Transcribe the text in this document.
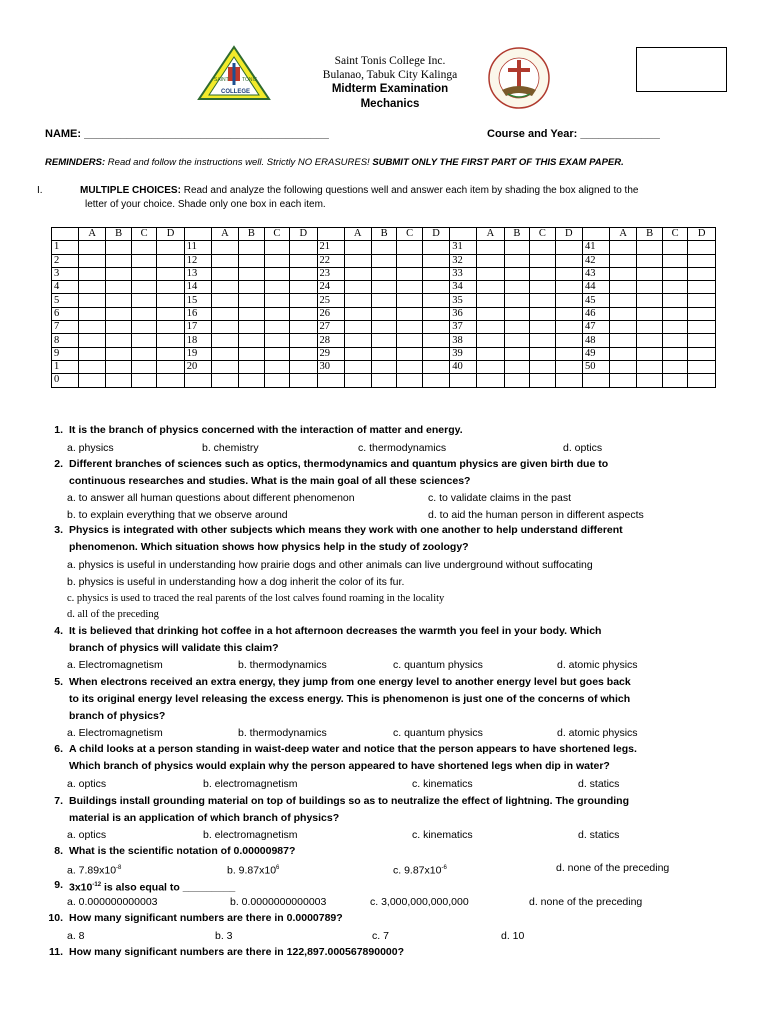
SAINT	TONIS
COLLEGE
Saint Tonis College Inc.
Bulanao, Tabuk City Kalinga
Midterm Examination
Mechanics
NAME: ________________________________________	Course and Year: _____________
REMINDERS: Read and follow the instructions well. Strictly NO ERASURES! SUBMIT ONLY THE FIRST PART OF THIS EXAM PAPER.
I.	MULTIPLE CHOICES: Read and analyze the following questions well and answer each item by shading the box aligned to the
letter of your choice. Shade only one box in each item.
	A	B	C	D		A	B	C	D		A	B	C	D		A	B	C	D		A	B	C	D
1					11					21					31					41				
2					12					22					32					42				
3					13					23					33					43				
4					14					24					34					44				
5					15					25					35					45				
6					16					26					36					46				
7					17					27					37					47				
8					18					28					38					48				
9					19					29					39					49				
1					20					30					40					50				
0																								
1. It is the branch of physics concerned with the interaction of matter and energy.
2. Different branches of sciences such as optics, thermodynamics and quantum physics are given birth due to
continuous researches and studies. What is the main goal of all these sciences?
3. Physics is integrated with other subjects which means they work with one another to help understand different
phenomenon. Which situation shows how physics help in the study of zoology?
4. It is believed that drinking hot coffee in a hot afternoon decreases the warmth you feel in your body. Which
branch of physics will validate this claim?
5. When electrons received an extra energy, they jump from one energy level to another energy level but goes back
to its original energy level releasing the excess energy. This is phenomenon is just one of the concerns of which
branch of physics?
6. A child looks at a person standing in waist-deep water and notice that the person appears to have shortened legs.
Which branch of physics would explain why the person appeared to have shortened legs when dip in water?
7. Buildings install grounding material on top of buildings so as to neutralize the effect of lightning. The grounding
material is an application of which branch of physics?
8. What is the scientific notation of 0.00000987?
9. $3x10^{-12}$ is also equal to _________
10. How many significant numbers are there in 0.0000789?
11. How many significant numbers are there in 122,897.000567890000?
a. physics	b. chemistry	c. thermodynamics	d. optics
a. to answer all human questions about different phenomenon	c. to validate claims in the past
b. to explain everything that we observe around	d. to aid the human person in different aspects
a. physics is useful in understanding how prairie dogs and other animals can live underground without suffocating
b. physics is useful in understanding how a dog inherit the color of its fur.
c. physics is used to traced the real parents of the lost calves found roaming in the locality
d. all of the preceding
a. Electromagnetism	b. thermodynamics	c. quantum physics	d. atomic physics
a. Electromagnetism	b. thermodynamics	c. quantum physics	d. atomic physics
a. optics	b. electromagnetism	c. kinematics	d. statics
a. optics	b. electromagnetism	c. kinematics	d. statics
a. $7.89x10^{-8}$	b. $9.87x10^6$	c. $9.87x10^{-6}$	d. none of the preceding
a. 0.000000000003	b. 0.0000000000003	c. 3,000,000,000,000	d. none of the preceding
a. 8	b. 3	c. 7	d. 10
